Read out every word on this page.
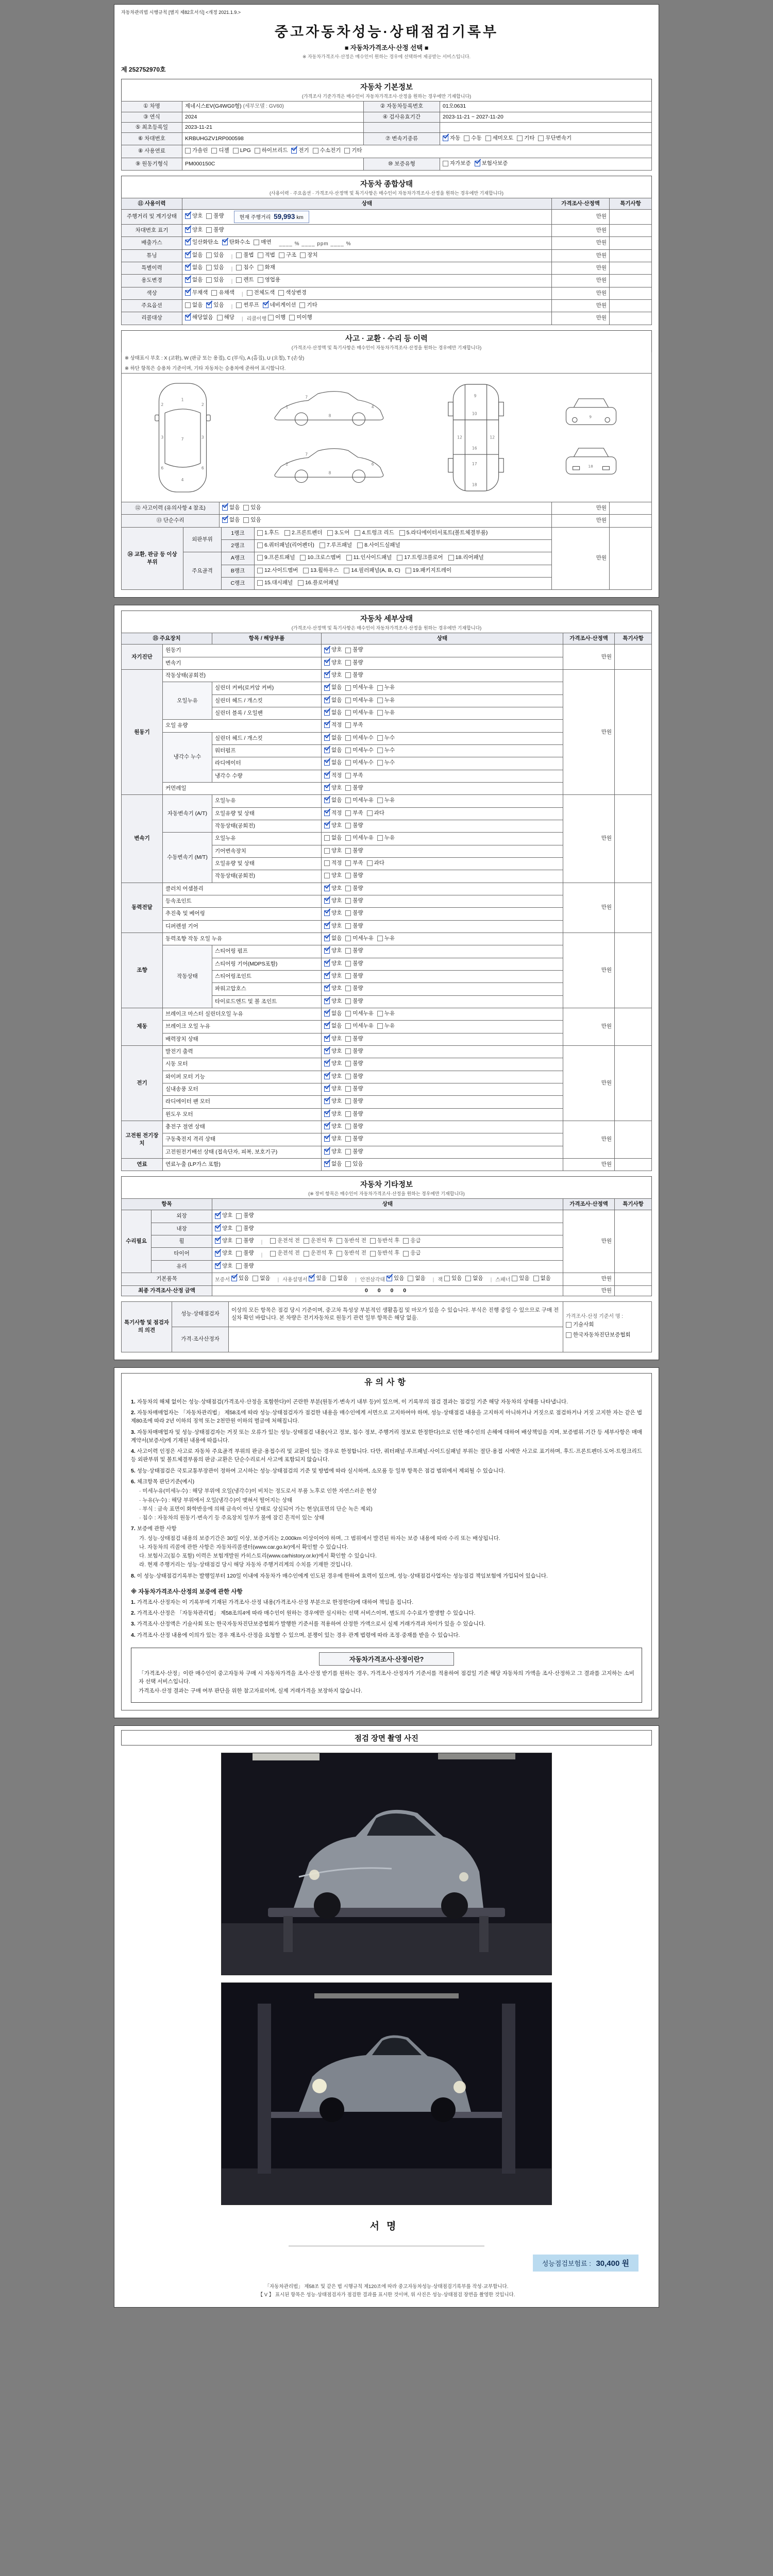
자동차관리법 시행규칙 [별지 제82호서식] <개정 2021.1.9.>
중고자동차성능·상태점검기록부
■ 자동차가격조사·산정 선택 ■
※ 자동차가격조사·산정은 매수인이 원하는 경우에 선택하여 제공받는 서비스입니다.
제 252752970호
자동차 기본정보
(가격조사 기준가격은 매수인이 자동차가격조사·산정을 원하는 경우에만 기재합니다)
① 차명	제네시스EV(G4WG0형) (세부모델 : GV60)	② 자동차등록번호	01오0631
③ 연식	2024	④ 검사유효기간	2023-11-21 ~ 2027-11-20
⑤ 최초등록일	2023-11-21		
⑥ 차대번호	KRBUHGZV1RP000598	⑦ 변속기종류	자동 수동 세미오토 기타 무단변속기

⑧ 사용연료	가솔린 디젤 LPG 하이브리드 전기 수소전기 기타

⑨ 원동기형식	PM000150C	⑩ 보증유형	자가보증 보험사보증
자동차 종합상태
(사용이력 · 주요옵션 · 가격조사·산정액 및 특기사항은 매수인이 자동차가격조사·산정을 원하는 경우에만 기재합니다)
⑪ 사용이력	상태	가격조사·산정액	특기사항
주행거리 및 계기상태	양호 불량 현재 주행거리 59,993 km	만원	
차대번호 표기	양호 불량	만원	
배출가스	일산화탄소 탄화수소 매연 ____ % ____ ppm ____ %	만원	
튜닝	없음 있음 | 불법 적법 구조 장치	만원	
특별이력	없음 있음 | 침수 화재	만원	
용도변경	없음 있음 | 렌트 영업용	만원	
색상	무채색 유채색 | 전체도색 색상변경	만원	
주요옵션	없음 있음 | 썬루프 네비게이션 기타	만원	
리콜대상	해당없음 해당 | 리콜이행 이행 미이행	만원	
사고 · 교환 · 수리 등 이력
(가격조사·산정액 및 특기사항은 매수인이 자동차가격조사·산정을 원하는 경우에만 기재합니다)
※ 상태표시 부호 : X (교환), W (판금 또는 용접), C (부식), A (흠집), U (요철), T (손상)
※ 하단 항목은 승용차 기준이며, 기타 자동차는 승용차에 준하여 표시합니다.
1
7
4
2	2
3	3
6	6
7
1	4
8
7
2	6
8
9
10
12	12
16
17
18
9
18
⑫ 사고이력 (유의사항 4 참조)	없음 있음	만원	
⑬ 단순수리	없음 있음	만원	
⑭ 교환, 판금 등 이상 부위	외판부위	1랭크	1.후드
2.프론트펜더
3.도어
4.트렁크 리드
5.라디에이터서포트(볼트체결부품)	만원	
		2랭크	6.쿼터패널(리어펜더)
7.루프패널
8.사이드실패널		

	주요골격	A랭크	9.프론트패널
10.크로스멤버
11.인사이드패널
17.트렁크플로어
18.리어패널		

		B랭크	12.사이드멤버
13.휠하우스
14.필러패널(A, B, C)
19.패키지트레이		

		C랭크	15.대시패널
16.플로어패널		
자동차 세부상태
(가격조사·산정액 및 특기사항은 매수인이 자동차가격조사·산정을 원하는 경우에만 기재합니다)
⑮ 주요장치		항목 / 해당부품	상태	가격조사·산정액	특기사항
자기진단	원동기		양호 불량	만원	
	변속기		양호 불량		

원동기	작동상태(공회전)		양호 불량	만원	
	오일누유	실린더 커버(로커암 커버)	없음 미세누유 누유		

		실린더 헤드 / 개스킷	없음 미세누유 누유		

		실린더 블록 / 오일팬	없음 미세누유 누유		

	오일 유량		적정 부족		

	냉각수 누수	실린더 헤드 / 개스킷	없음 미세누수 누수		

		워터펌프	없음 미세누수 누수		

		라디에이터	없음 미세누수 누수		

		냉각수 수량	적정 부족		

	커먼레일		양호 불량		

변속기	자동변속기 (A/T)	오일누유	없음 미세누유 누유	만원	
		오일유량 및 상태	적정 부족 과다		

		작동상태(공회전)	양호 불량		

	수동변속기 (M/T)	오일누유	없음 미세누유 누유		

		기어변속장치	양호 불량		

		오일유량 및 상태	적정 부족 과다		

		작동상태(공회전)	양호 불량		

동력전달	클러치 어셈블리		양호 불량	만원	
	등속조인트		양호 불량		

	추진축 및 베어링		양호 불량		

	디퍼렌셜 기어		양호 불량		

조향	동력조향 작동 오일 누유		없음 미세누유 누유	만원	
	작동상태	스티어링 펌프	양호 불량		

		스티어링 기어(MDPS포함)	양호 불량		

		스티어링조인트	양호 불량		

		파워고압호스	양호 불량		

		타이로드엔드 및 볼 조인트	양호 불량		

제동	브레이크 마스터 실린더오일 누유		없음 미세누유 누유	만원	
	브레이크 오일 누유		없음 미세누유 누유		

	배력장치 상태		양호 불량		

전기	발전기 출력		양호 불량	만원	
	시동 모터		양호 불량		

	와이퍼 모터 기능		양호 불량		

	실내송풍 모터		양호 불량		

	라디에이터 팬 모터		양호 불량		

	윈도우 모터		양호 불량		

고전원 전기장치	충전구 절연 상태		양호 불량	만원	
	구동축전지 격리 상태		양호 불량		

	고전원전기배선 상태 (접속단자, 피복, 보호기구)		양호 불량		

연료	연료누출 (LP가스 포함)		없음 있음	만원	
자동차 기타정보
(※ 장비 항목은 매수인이 자동차가격조사·산정을 원하는 경우에만 기재합니다)
항목		상태	가격조사·산정액	특기사항
수리필요	외장	양호 불량	만원	
	내장	양호 불량		

휠	양호 불량 |	운전석 전 운전석 후 동반석 전 동반석 후 응급

타이어	양호 불량 |	운전석 전 운전석 후 동반석 전 동반석 후 응급

	유리	양호 불량		

기본품목	보증서 있음 없음 | 사용설명서 있음 없음 | 안전삼각대 있음 없음 | 잭 있음 없음 | 스패너 있음 없음	만원	
최종 가격조사·산정 금액	0 0 0 0	만원	
특기사항 및 점검자의 의견	성능·상태점검자	이상의 모든 항목은 점검 당시 기준이며, 중고차 특성상 부분적인 생활흠집 및 마모가 있을 수 있습니다. 부식은 진행 중일 수 있으므로 구매 전 실차 확인 바랍니다. 본 차량은 전기자동차로 원동기 관련 일부 항목은 해당 없음.	가격조사·산정 기준서 명 :
기술사회
한국자동차진단보증협회

	가격·조사산정자		
유의사항
1. 자동차의 해체 없이는 성능·상태점검(가격조사·산정을 포함한다)이 곤란한 부분(원동기·변속기 내부 등)이 있으며, 이 기록부의 점검 결과는 점검일 기준 해당 자동차의 상태를 나타냅니다.
2. 자동차매매업자는 「자동차관리법」 제58조에 따라 성능·상태점검자가 점검한 내용을 매수인에게 서면으로 고지하여야 하며, 성능·상태점검 내용을 고지하지 아니하거나 거짓으로 점검하거나 거짓 고지한 자는 같은 법 제80조에 따라 2년 이하의 징역 또는 2천만원 이하의 벌금에 처해집니다.
3. 자동차매매업자 및 성능·상태점검자는 거짓 또는 오류가 있는 성능·상태점검 내용(사고 정보, 침수 정보, 주행거리 정보로 한정한다)으로 인한 매수인의 손해에 대하여 배상책임을 지며, 보증범위·기간 등 세부사항은 매매계약서(보증서)에 기재된 내용에 따릅니다.
4. 사고이력 인정은 사고로 자동차 주요골격 부위의 판금·용접수리 및 교환이 있는 경우로 한정합니다. 다만, 쿼터패널·루프패널·사이드실패널 부위는 절단·용접 시에만 사고로 표기하며, 후드·프론트펜더·도어·트렁크리드 등 외판부위 및 볼트체결부품의 판금·교환은 단순수리로서 사고에 포함되지 않습니다.
5. 성능·상태점검은 국토교통부장관이 정하여 고시하는 성능·상태점검의 기준 및 방법에 따라 실시하며, 소모품 등 일부 항목은 점검 범위에서 제외될 수 있습니다.
6. 체크항목 판단기준(예시)
· 미세누유(미세누수) : 해당 부위에 오일(냉각수)이 비치는 정도로서 부품 노후로 인한 자연스러운 현상
· 누유(누수) : 해당 부위에서 오일(냉각수)이 맺혀서 떨어지는 상태
· 부식 : 금속 표면이 화학반응에 의해 금속이 아닌 상태로 상실되어 가는 현상(표면의 단순 녹은 제외)
· 침수 : 자동차의 원동기·변속기 등 주요장치 일부가 물에 잠긴 흔적이 있는 상태
7. 보증에 관한 사항
가. 성능·상태점검 내용의 보증기간은 30일 이상, 보증거리는 2,000km 이상이어야 하며, 그 범위에서 발견된 하자는 보증 내용에 따라 수리 또는 배상됩니다.
나. 자동차의 리콜에 관한 사항은 자동차리콜센터(www.car.go.kr)에서 확인할 수 있습니다.
다. 보험사고(침수 포함) 이력은 보험개발원 카히스토리(www.carhistory.or.kr)에서 확인할 수 있습니다.
라. 현재 주행거리는 성능·상태점검 당시 해당 자동차 주행거리계의 수치를 기재한 것입니다.
8. 이 성능·상태점검기록부는 발행일부터 120일 이내에 자동차가 매수인에게 인도된 경우에 한하여 효력이 있으며, 성능·상태점검사업자는 성능점검 책임보험에 가입되어 있습니다.
※ 자동차가격조사·산정의 보증에 관한 사항
1. 가격조사·산정자는 이 기록부에 기재된 가격조사·산정 내용(가격조사·산정 부분으로 한정한다)에 대하여 책임을 집니다.
2. 가격조사·산정은 「자동차관리법」 제58조의4에 따라 매수인이 원하는 경우에만 실시하는 선택 서비스이며, 별도의 수수료가 발생할 수 있습니다.
3. 가격조사·산정액은 기술사회 또는 한국자동차진단보증협회가 발행한 기준서를 적용하여 산정한 가액으로서 실제 거래가격과 차이가 있을 수 있습니다.
4. 가격조사·산정 내용에 이의가 있는 경우 재조사·산정을 요청할 수 있으며, 분쟁이 있는 경우 관계 법령에 따라 조정·중재를 받을 수 있습니다.
자동차가격조사·산정이란?

「가격조사·산정」이란 매수인이 중고자동차 구매 시 자동차가격을 조사·산정 받기를 원하는 경우, 가격조사·산정자가 기준서를 적용하여 점검일 기준 해당 자동차의 가액을 조사·산정하고 그 결과를 고지하는 소비자 선택 서비스입니다.

가격조사·산정 결과는 구매 여부 판단을 위한 참고자료이며, 실제 거래가격을 보장하지 않습니다.

점검 장면 촬영 사진
서명
성능점검보험료 : 30,400 원
「자동차관리법」 제58조 및 같은 법 시행규칙 제120조에 따라 중고자동차성능·상태점검기록부를 작성·교부합니다.
【 V 】 표시된 항목은 성능·상태점검자가 점검한 결과를 표시한 것이며, 위 사진은 성능·상태점검 장면을 촬영한 것입니다.
